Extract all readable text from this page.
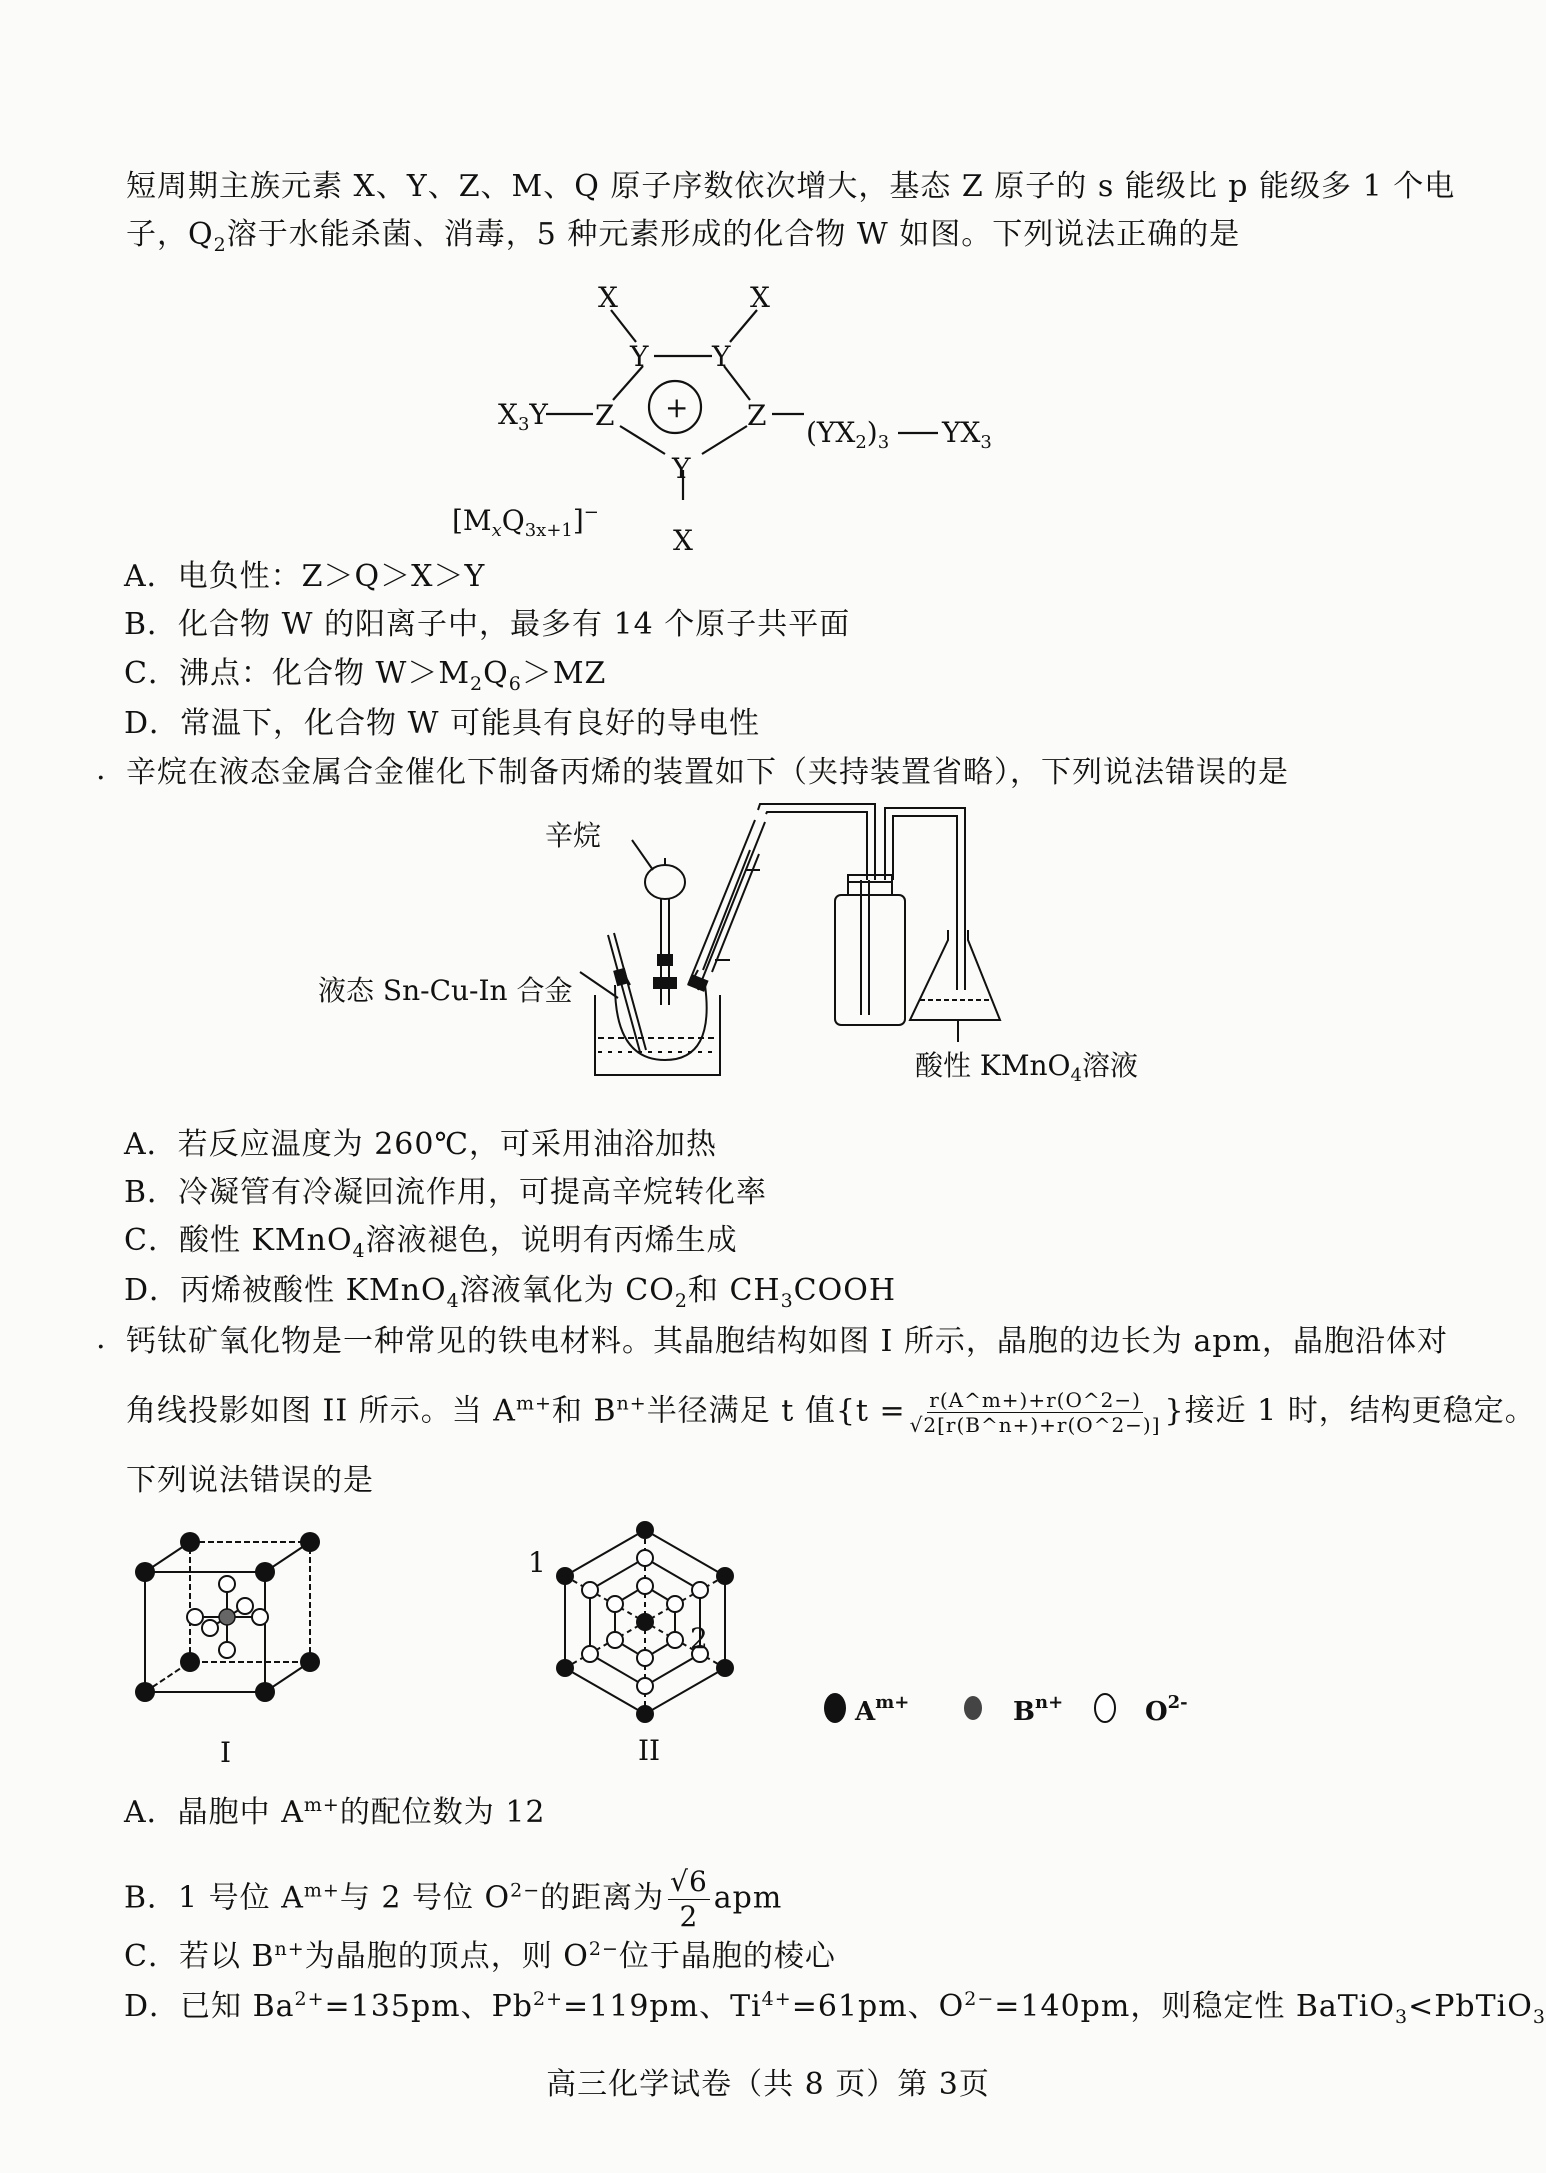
短周期主族元素 X、Y、Z、M、Q 原子序数依次增大，基态 Z 原子的 s 能级比 p 能级多 1 个电
子，$Q_2$溶于水能杀菌、消毒，5 种元素形成的化合物 W 如图。下列说法正确的是
X	X
Y Y
Z	Z
Y
X
+
$X_3Y$
$(YX_2)_3$ $YX_3$
$[M_xQ_{3x+1}]^-$
A．电负性：Z＞Q＞X＞Y
B．化合物 W 的阳离子中，最多有 14 个原子共平面
C．沸点：化合物 $W>M_2Q_6>MZ$
D．常温下，化合物 W 可能具有良好的导电性
. 辛烷在液态金属合金催化下制备丙烯的装置如下（夹持装置省略），下列说法错误的是
辛烷
液态 Sn-Cu-In 合金
酸性 KMnO$_4$溶液
A．若反应温度为 260℃，可采用油浴加热
B．冷凝管有冷凝回流作用，可提高辛烷转化率
C．酸性 KMnO$_4$溶液褪色，说明有丙烯生成
D．丙烯被酸性 KMnO$_4$溶液氧化为 $CO_2$和 $CH_3COOH$
. 钙钛矿氧化物是一种常见的铁电材料。其晶胞结构如图 I 所示，晶胞的边长为 apm，晶胞沿体对
角线投影如图 II 所示。当 $A^{m+}$和 $B^{n+}$半径满足 t 值{$t = \frac{r(A\^{}m+)+r(O\^{}2-)}{√2[r(B\^{}n+)+r(O\^{}2-)]}$ }接近 1 时，结构更稳定。
下列说法错误的是
I
1
2
II
$A^{m+}$	$B^{n+}$	$O^{2-}$
A．晶胞中 $A^{m+}$的配位数为 12
B．1 号位 $A^{m+}$与 2 号位 $O^{2-}$的距离为 $\frac{√6}{2}$ apm
C．若以 $B^{n+}$为晶胞的顶点，则 $O^{2-}$位于晶胞的棱心
D．已知 $Ba^{2+}=135pm$、$Pb^{2+}=119pm$、$Ti^{4+}=61pm$、$O^{2-}=140pm$，则稳定性 BaTiO$_3$<PbTiO$_3$
高三化学试卷（共 8 页）第 3页
